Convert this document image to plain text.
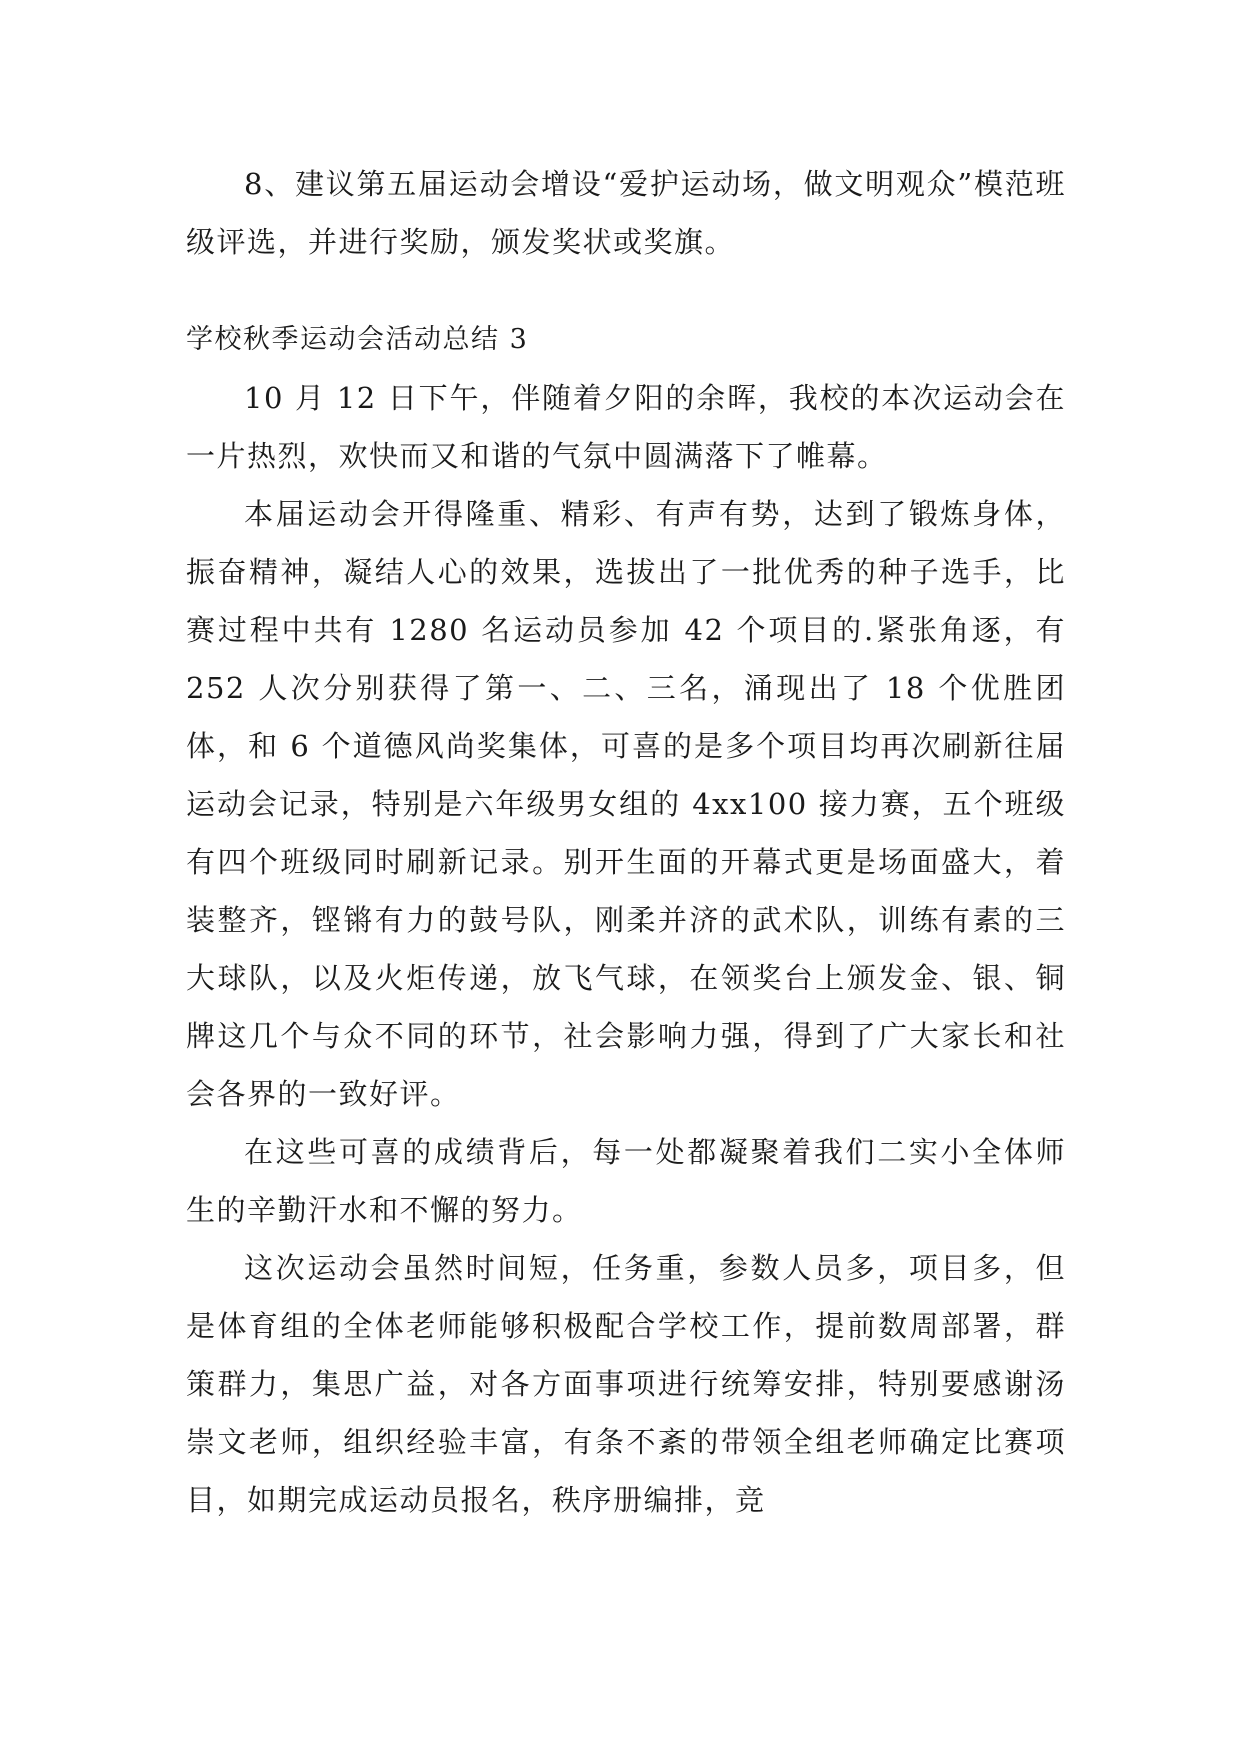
8、建议第五届运动会增设“爱护运动场，做文明观众”模范班级评选，并进行奖励，颁发奖状或奖旗。

学校秋季运动会活动总结 3

10 月 12 日下午，伴随着夕阳的余晖，我校的本次运动会在一片热烈，欢快而又和谐的气氛中圆满落下了帷幕。

本届运动会开得隆重、精彩、有声有势，达到了锻炼身体，振奋精神，凝结人心的效果，选拔出了一批优秀的种子选手，比赛过程中共有 1280 名运动员参加 42 个项目的.紧张角逐，有 252 人次分别获得了第一、二、三名，涌现出了 18 个优胜团体，和 6 个道德风尚奖集体，可喜的是多个项目均再次刷新往届运动会记录，特别是六年级男女组的 4xx100 接力赛，五个班级有四个班级同时刷新记录。别开生面的开幕式更是场面盛大，着装整齐，铿锵有力的鼓号队，刚柔并济的武术队，训练有素的三大球队，以及火炬传递，放飞气球，在领奖台上颁发金、银、铜牌这几个与众不同的环节，社会影响力强，得到了广大家长和社会各界的一致好评。

在这些可喜的成绩背后，每一处都凝聚着我们二实小全体师生的辛勤汗水和不懈的努力。

这次运动会虽然时间短，任务重，参数人员多，项目多，但是体育组的全体老师能够积极配合学校工作，提前数周部署，群策群力，集思广益，对各方面事项进行统筹安排，特别要感谢汤崇文老师，组织经验丰富，有条不紊的带领全组老师确定比赛项目，如期完成运动员报名，秩序册编排，竞
